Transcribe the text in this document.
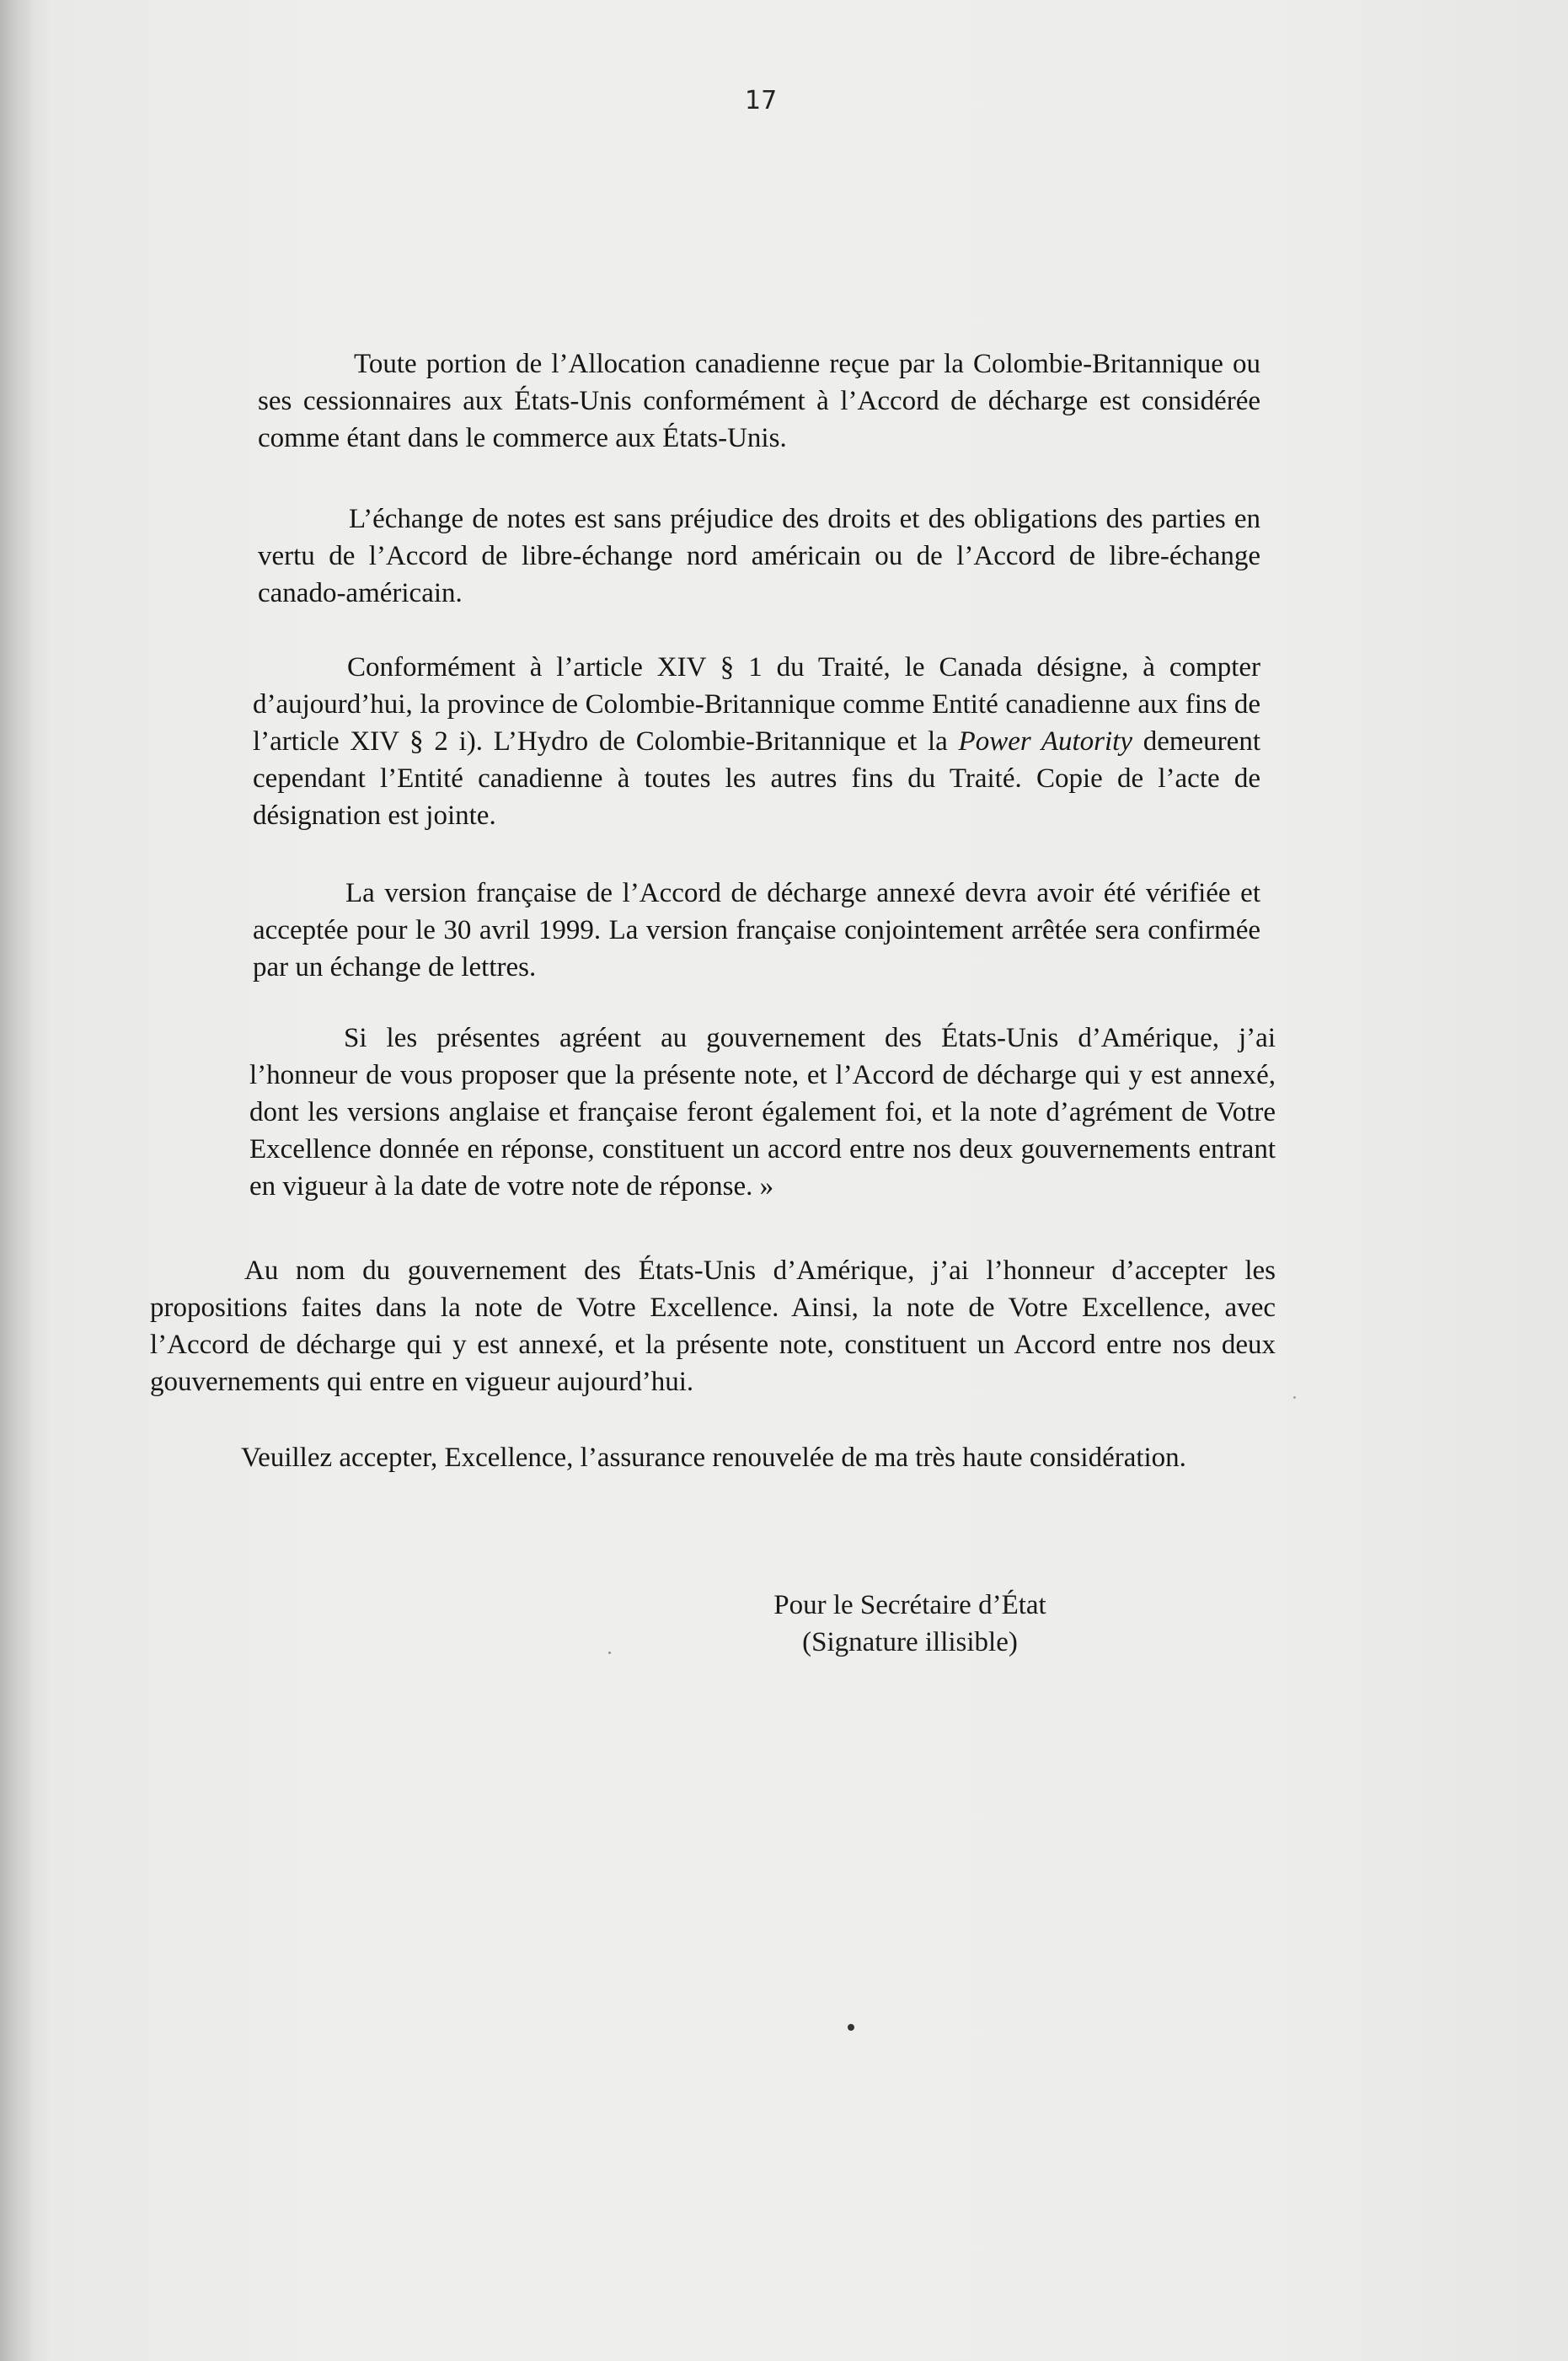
17
Toute portion de l’Allocation canadienne reçue par la Colombie-Britannique ou ses cessionnaires aux États-Unis conformément à l’Accord de décharge est considérée comme étant dans le commerce aux États-Unis.
L’échange de notes est sans préjudice des droits et des obligations des parties en vertu de l’Accord de libre-échange nord américain ou de l’Accord de libre-échange canado-américain.
Conformément à l’article XIV § 1 du Traité, le Canada désigne, à compter d’aujourd’hui, la province de Colombie-Britannique comme Entité canadienne aux fins de l’article XIV § 2 i). L’Hydro de Colombie-Britannique et la Power Autority demeurent cependant l’Entité canadienne à toutes les autres fins du Traité. Copie de l’acte de désignation est jointe.
La version française de l’Accord de décharge annexé devra avoir été vérifiée et acceptée pour le 30 avril 1999. La version française conjointement arrêtée sera confirmée par un échange de lettres.
Si les présentes agréent au gouvernement des États-Unis d’Amérique, j’ai l’honneur de vous proposer que la présente note, et l’Accord de décharge qui y est annexé, dont les versions anglaise et française feront également foi, et la note d’agrément de Votre Excellence donnée en réponse, constituent un accord entre nos deux gouvernements entrant en vigueur à la date de votre note de réponse. »
Au nom du gouvernement des États-Unis d’Amérique, j’ai l’honneur d’accepter les propositions faites dans la note de Votre Excellence. Ainsi, la note de Votre Excellence, avec l’Accord de décharge qui y est annexé, et la présente note, constituent un Accord entre nos deux gouvernements qui entre en vigueur aujourd’hui.
Veuillez accepter, Excellence, l’assurance renouvelée de ma très haute considération.
Pour le Secrétaire d’État
(Signature illisible)
